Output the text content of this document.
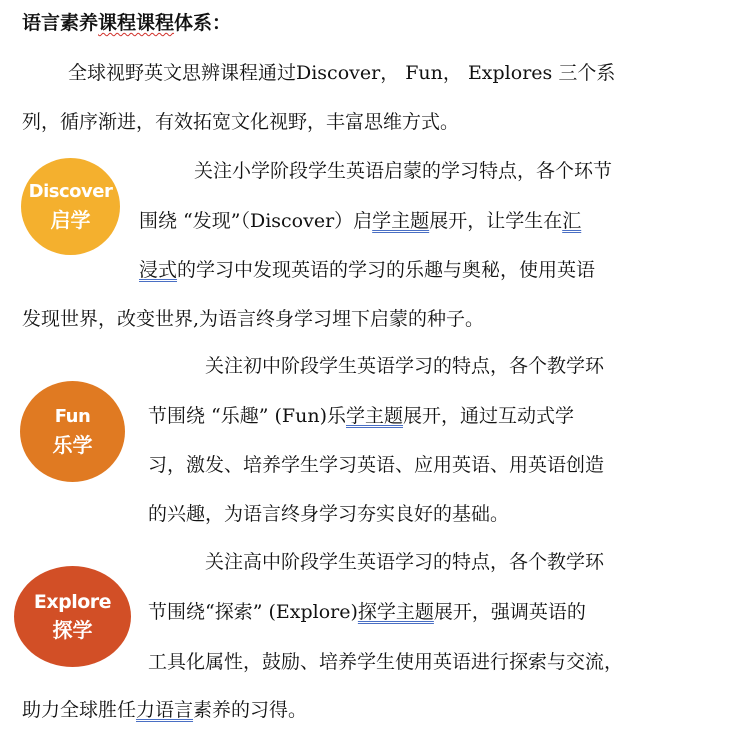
语言素养课程课程体系：
全球视野英文思辨课程通过Discover， Fun， Explores 三个系
列，循序渐进，有效拓宽文化视野，丰富思维方式。
Discover
启学
关注小学阶段学生英语启蒙的学习特点，各个环节
围绕 “发现”（Discover）启学主题展开，让学生在汇
浸式的学习中发现英语的学习的乐趣与奥秘，使用英语
发现世界，改变世界,为语言终身学习埋下启蒙的种子。
Fun
乐学
关注初中阶段学生英语学习的特点，各个教学环
节围绕 “乐趣” (Fun)乐学主题展开，通过互动式学
习，激发、培养学生学习英语、应用英语、用英语创造
的兴趣，为语言终身学习夯实良好的基础。
Explore
探学
关注高中阶段学生英语学习的特点，各个教学环
节围绕“探索” (Explore)探学主题展开，强调英语的
工具化属性，鼓励、培养学生使用英语进行探索与交流，
助力全球胜任力语言素养的习得。
